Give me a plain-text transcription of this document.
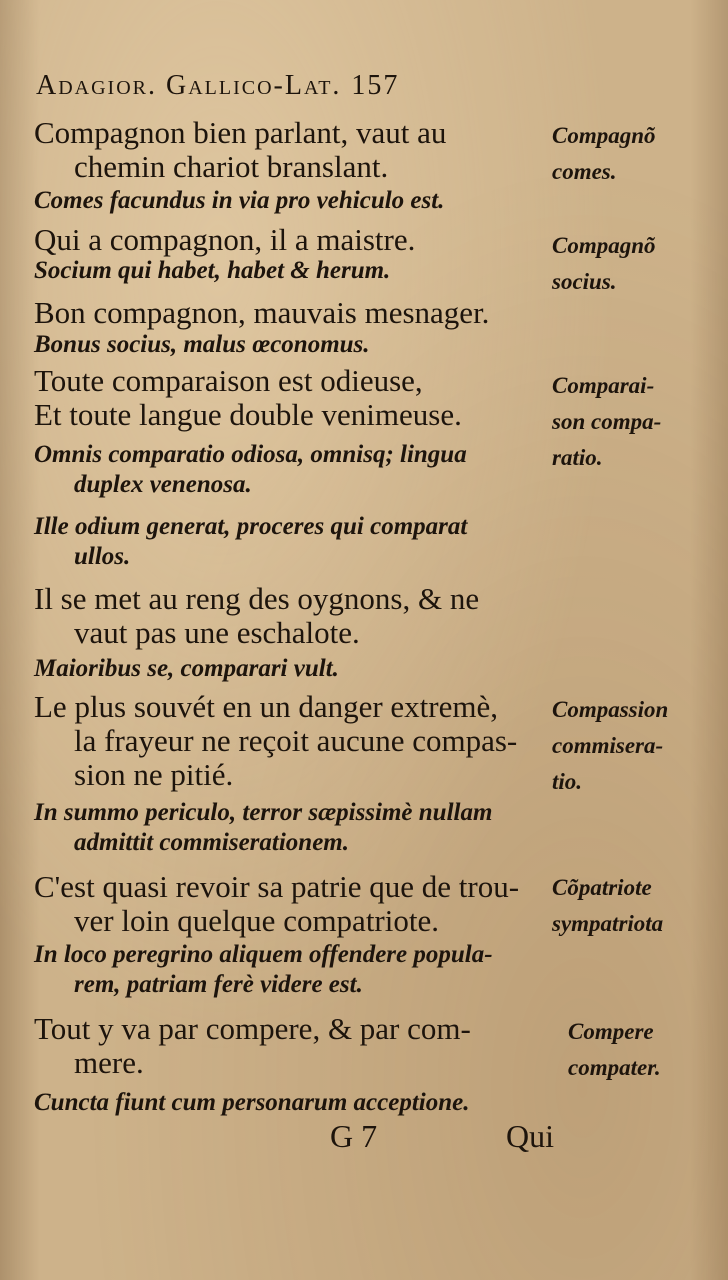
Adagior. Gallico-Lat. 157
Compagnon bien parlant, vaut au
chemin chariot branslant.
Comes facundus in via pro vehiculo est.
Qui a compagnon, il a maistre.
Socium qui habet, habet & herum.
Bon compagnon, mauvais mesnager.
Bonus socius, malus œconomus.
Toute comparaison est odieuse,
Et toute langue double venimeuse.
Omnis comparatio odiosa, omnisq; lingua
duplex venenosa.
Ille odium generat, proceres qui comparat
ullos.
Il se met au reng des oygnons, & ne
vaut pas une eschalote.
Maioribus se, comparari vult.
Le plus souvét en un danger extremè,
la frayeur ne reçoit aucune compas-
sion ne pitié.
In summo periculo, terror sæpissimè nullam
admittit commiserationem.
C'est quasi revoir sa patrie que de trou-
ver loin quelque compatriote.
In loco peregrino aliquem offendere popula-
rem, patriam ferè videre est.
Tout y va par compere, & par com-
mere.
Cuncta fiunt cum personarum acceptione.
Compagnõ
comes.
Compagnõ
socius.
Comparai-
son compa-
ratio.
Compassion
commisera-
tio.
Cõpatriote
sympatriota
Compere
compater.
G 7	Qui
